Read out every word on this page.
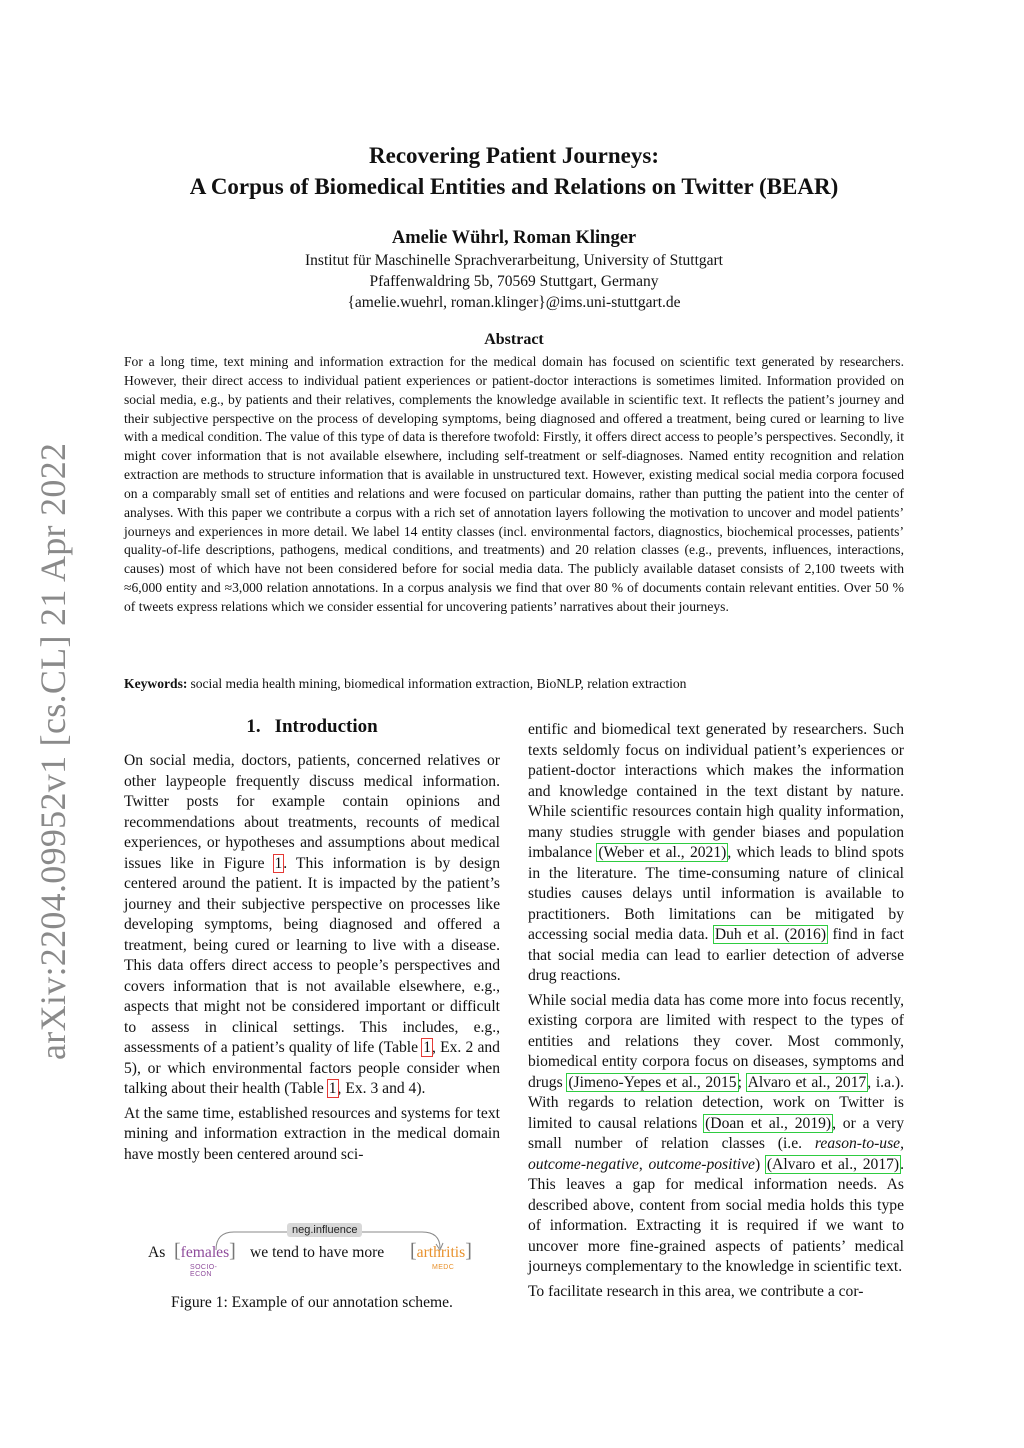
arXiv:2204.09952v1 [cs.CL] 21 Apr 2022

Recovering Patient Journeys:

A Corpus of Biomedical Entities and Relations on Twitter (BEAR)

Amelie Wührl, Roman Klinger
Institut für Maschinelle Sprachverarbeitung, University of Stuttgart
Pfaffenwaldring 5b, 70569 Stuttgart, Germany
{amelie.wuehrl, roman.klinger}@ims.uni-stuttgart.de
Abstract
For a long time, text mining and information extraction for the medical domain has focused on scientific text generated by researchers. However, their direct access to individual patient experiences or patient-doctor interactions is sometimes limited. Information provided on social media, e.g., by patients and their relatives, complements the knowledge available in scientific text. It reflects the patient’s journey and their subjective perspective on the process of developing symptoms, being diagnosed and offered a treatment, being cured or learning to live with a medical condition. The value of this type of data is therefore twofold: Firstly, it offers direct access to people’s perspectives. Secondly, it might cover information that is not available elsewhere, including self-treatment or self-diagnoses. Named entity recognition and relation extraction are methods to structure information that is available in unstructured text. However, existing medical social media corpora focused on a comparably small set of entities and relations and were focused on particular domains, rather than putting the patient into the center of analyses. With this paper we contribute a corpus with a rich set of annotation layers following the motivation to uncover and model patients’ journeys and experiences in more detail. We label 14 entity classes (incl. environmental factors, diagnostics, biochemical processes, patients’ quality-of-life descriptions, pathogens, medical conditions, and treatments) and 20 relation classes (e.g., prevents, influences, interactions, causes) most of which have not been considered before for social media data. The publicly available dataset consists of 2,100 tweets with ≈6,000 entity and ≈3,000 relation annotations. In a corpus analysis we find that over 80 % of documents contain relevant entities. Over 50 % of tweets express relations which we consider essential for uncovering patients’ narratives about their journeys.
Keywords: social media health mining, biomedical information extraction, BioNLP, relation extraction
1. Introduction

On social media, doctors, patients, concerned relatives or other laypeople frequently discuss medical information. Twitter posts for example contain opinions and recommendations about treatments, recounts of medical experiences, or hypotheses and assumptions about medical issues like in Figure 1. This information is by design centered around the patient. It is impacted by the patient’s journey and their subjective perspective on processes like developing symptoms, being diagnosed and offered a treatment, being cured or learning to live with a disease. This data offers direct access to people’s perspectives and covers information that is not available elsewhere, e.g., aspects that might not be considered important or difficult to assess in clinical settings. This includes, e.g., assessments of a patient’s quality of life (Table 1, Ex. 2 and 5), or which environmental factors people consider when talking about their health (Table 1, Ex. 3 and 4).

At the same time, established resources and systems for text mining and information extraction in the medical domain have mostly been centered around sci-

neg.influence
As [females]
SOCIO-ECON
we tend to have more [arthritis]
MEDC
Figure 1: Example of our annotation scheme.

entific and biomedical text generated by researchers. Such texts seldomly focus on individual patient’s experiences or patient-doctor interactions which makes the information and knowledge contained in the text distant by nature. While scientific resources contain high quality information, many studies struggle with gender biases and population imbalance (Weber et al., 2021), which leads to blind spots in the literature. The time-consuming nature of clinical studies causes delays until information is available to practitioners. Both limitations can be mitigated by accessing social media data. Duh et al. (2016) find in fact that social media can lead to earlier detection of adverse drug reactions.

While social media data has come more into focus recently, existing corpora are limited with respect to the types of entities and relations they cover. Most commonly, biomedical entity corpora focus on diseases, symptoms and drugs (Jimeno-Yepes et al., 2015; Alvaro et al., 2017, i.a.). With regards to relation detection, work on Twitter is limited to causal relations (Doan et al., 2019), or a very small number of relation classes (i.e. reason-to-use, outcome-negative, outcome-positive) (Alvaro et al., 2017). This leaves a gap for medical information needs. As described above, content from social media holds this type of information. Extracting it is required if we want to uncover more fine-grained aspects of patients’ medical journeys complementary to the knowledge in scientific text.

To facilitate research in this area, we contribute a cor-
